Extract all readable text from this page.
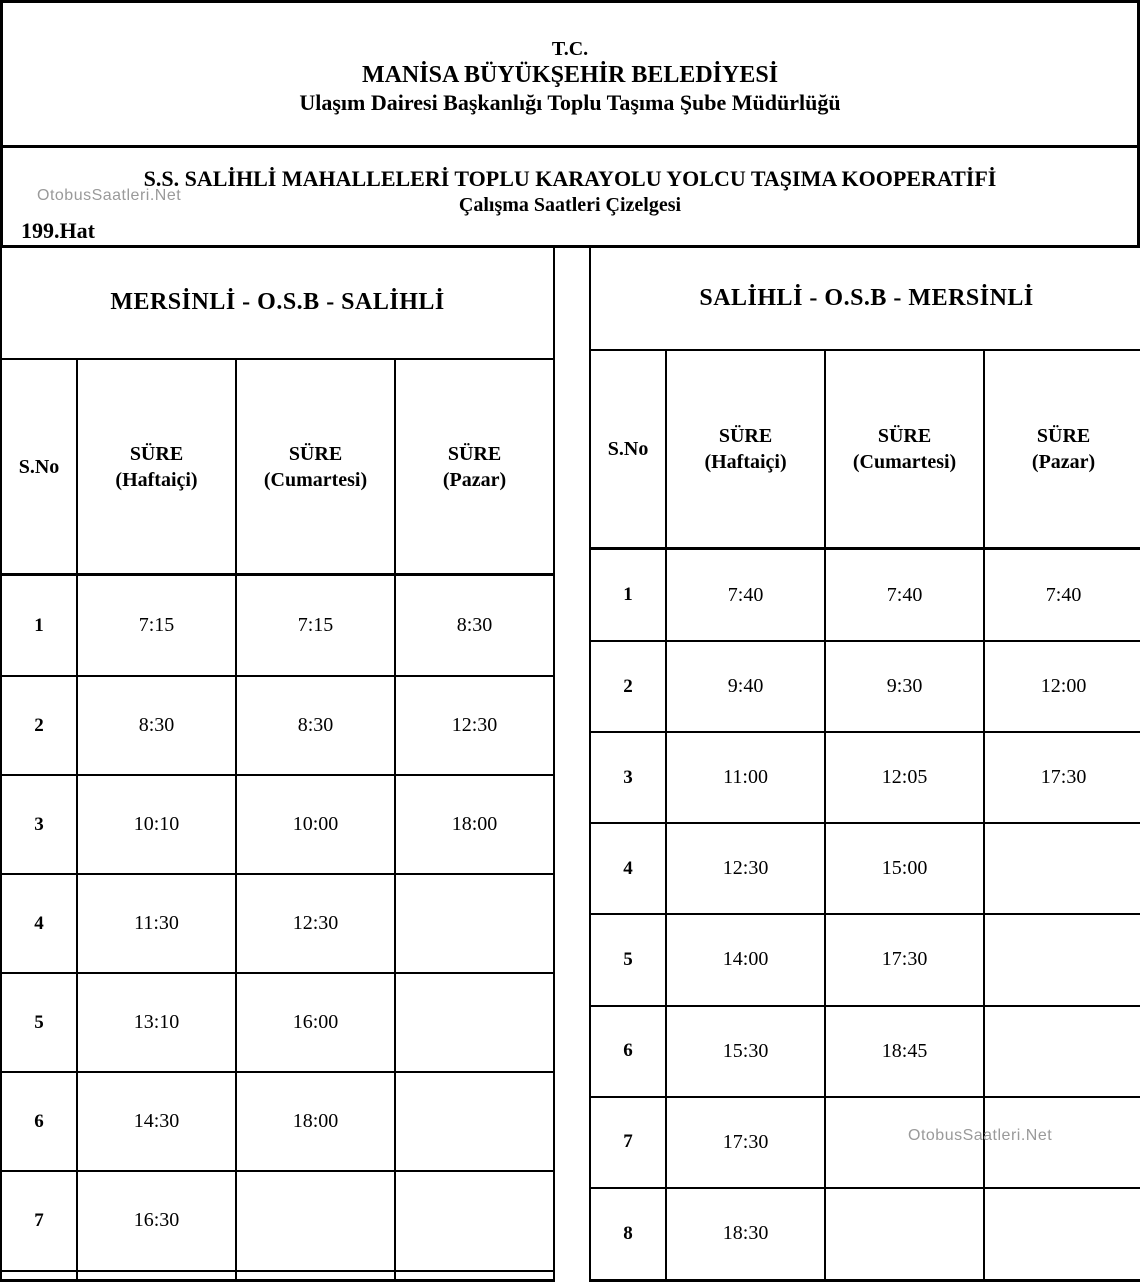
T.C.
MANİSA BÜYÜKŞEHİR BELEDİYESİ
Ulaşım Dairesi Başkanlığı Toplu Taşıma Şube Müdürlüğü
S.S. SALİHLİ MAHALLELERİ TOPLU KARAYOLU YOLCU TAŞIMA KOOPERATİFİ
Çalışma Saatleri Çizelgesi
199.Hat
OtobusSaatleri.Net
OtobusSaatleri.Net
MERSİNLİ - O.S.B - SALİHLİ			
S.No	
SÜRE
(Haftaiçi)

SÜRE
(Cumartesi)

SÜRE
(Pazar)

1	7:15	7:15	8:30
2	8:30	8:30	12:30
3	10:10	10:00	18:00
4	11:30	12:30	
5	13:10	16:00	
6	14:30	18:00	
7	16:30		

SALİHLİ - O.S.B - MERSİNLİ			
S.No	
SÜRE
(Haftaiçi)

SÜRE
(Cumartesi)

SÜRE
(Pazar)

1	7:40	7:40	7:40
2	9:40	9:30	12:00
3	11:00	12:05	17:30
4	12:30	15:00	
5	14:00	17:30	
6	15:30	18:45	
7	17:30		
8	18:30		
